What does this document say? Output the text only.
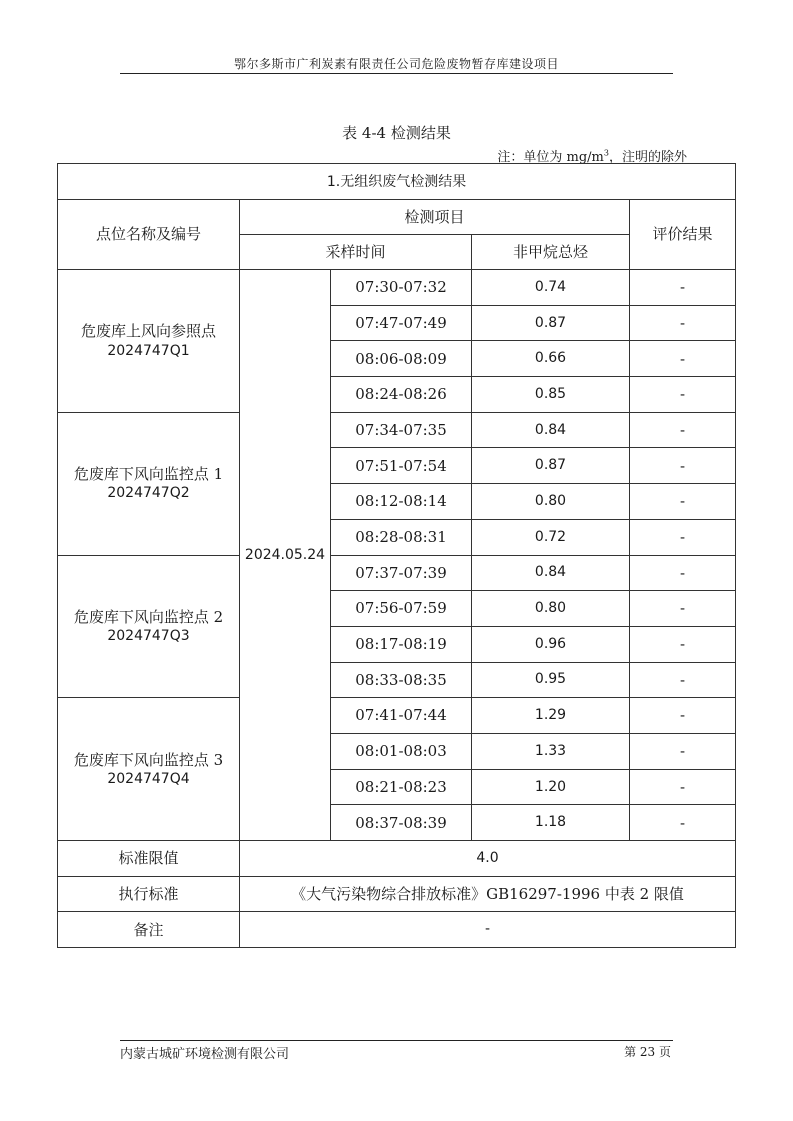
鄂尔多斯市广利炭素有限责任公司危险废物暂存库建设项目
表 4-4 检测结果
注：单位为 $mg/m^3$，注明的除外
1.无组织废气检测结果				
点位名称及编号	检测项目			评价结果
	采样时间		非甲烷总烃	

危废库上风向参照点
2024747Q1	2024.05.24	07:30-07:32	0.74	-
		07:47-07:49	0.87	-
		08:06-08:09	0.66	-
		08:24-08:26	0.85	-

危废库下风向监控点 1
2024747Q2		07:34-07:35	0.84	-
		07:51-07:54	0.87	-
		08:12-08:14	0.80	-
		08:28-08:31	0.72	-

危废库下风向监控点 2
2024747Q3		07:37-07:39	0.84	-
		07:56-07:59	0.80	-
		08:17-08:19	0.96	-
		08:33-08:35	0.95	-

危废库下风向监控点 3
2024747Q4		07:41-07:44	1.29	-
		08:01-08:03	1.33	-
		08:21-08:23	1.20	-
		08:37-08:39	1.18	-
标准限值	4.0			
执行标准	《大气污染物综合排放标准》GB16297-1996 中表 2 限值			
备注	-			
内蒙古城矿环境检测有限公司	第 23 页
